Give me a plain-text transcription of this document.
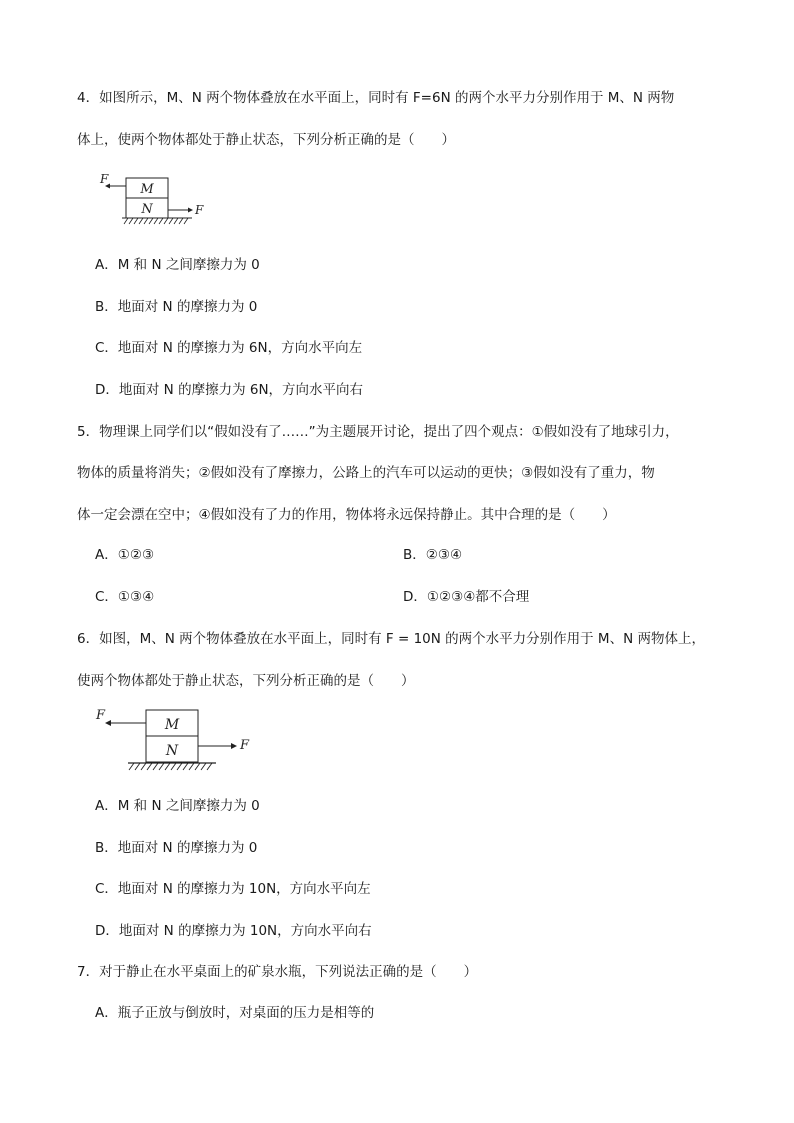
4．如图所示，M、N 两个物体叠放在水平面上，同时有 F=6N 的两个水平力分别作用于 M、N 两物
体上，使两个物体都处于静止状态，下列分析正确的是（　　）
M
N
F
F
A．M 和 N 之间摩擦力为 0
B．地面对 N 的摩擦力为 0
C．地面对 N 的摩擦力为 6N，方向水平向左
D．地面对 N 的摩擦力为 6N，方向水平向右
5．物理课上同学们以“假如没有了……”为主题展开讨论，提出了四个观点：①假如没有了地球引力，
物体的质量将消失；②假如没有了摩擦力，公路上的汽车可以运动的更快；③假如没有了重力，物
体一定会漂在空中；④假如没有了力的作用，物体将永远保持静止。其中合理的是（　　）
A．①②③	B．②③④
C．①③④	D．①②③④都不合理
6．如图，M、N 两个物体叠放在水平面上，同时有 F = 10N 的两个水平力分别作用于 M、N 两物体上，
使两个物体都处于静止状态，下列分析正确的是（　　）
M
N
F
F
A．M 和 N 之间摩擦力为 0
B．地面对 N 的摩擦力为 0
C．地面对 N 的摩擦力为 10N，方向水平向左
D．地面对 N 的摩擦力为 10N，方向水平向右
7．对于静止在水平桌面上的矿泉水瓶，下列说法正确的是（　　）
A．瓶子正放与倒放时，对桌面的压力是相等的
